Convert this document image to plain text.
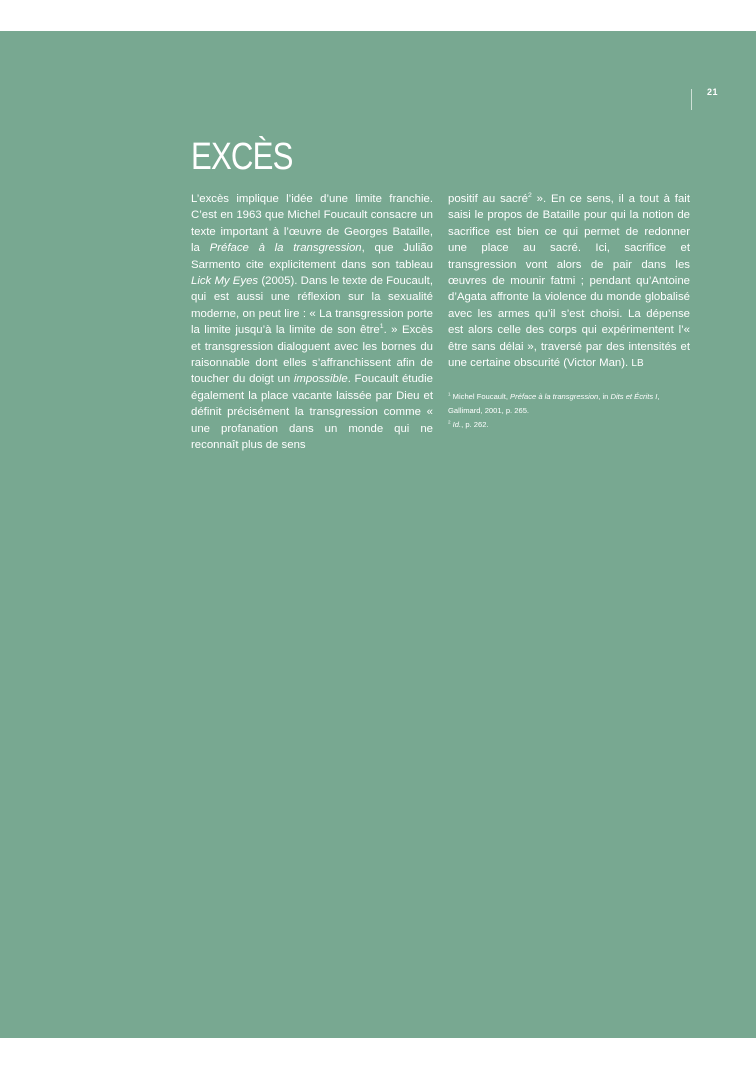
21
EXCÈS

L’excès implique l’idée d’une limite franchie. C’est en 1963 que Michel Foucault consacre un texte important à l’œuvre de Georges Bataille, la Préface à la transgression, que Julião Sarmento cite explicitement dans son tableau Lick My Eyes (2005). Dans le texte de Foucault, qui est aussi une réflexion sur la sexualité moderne, on peut lire : « La transgression porte la limite jusqu’à la limite de son être$^1$. » Excès et transgression dialoguent avec les bornes du raisonnable dont elles s’affranchissent afin de toucher du doigt un impossible. Foucault étudie également la place vacante laissée par Dieu et définit précisément la transgression comme « une profanation dans un monde qui ne reconnaît plus de sens

positif au sacré$^2$ ». En ce sens, il a tout à fait saisi le propos de Bataille pour qui la notion de sacrifice est bien ce qui permet de redonner une place au sacré. Ici, sacrifice et transgression vont alors de pair dans les œuvres de mounir fatmi ; pendant qu’Antoine d’Agata affronte la violence du monde globalisé avec les armes qu’il s’est choisi. La dépense est alors celle des corps qui expérimentent l’« être sans délai », traversé par des intensités et une certaine obscurité (Victor Man). LB

$^1$ Michel Foucault, Préface à la transgression, in Dits et Écrits I, Gallimard, 2001, p. 265.

$^2$ Id., p. 262.
